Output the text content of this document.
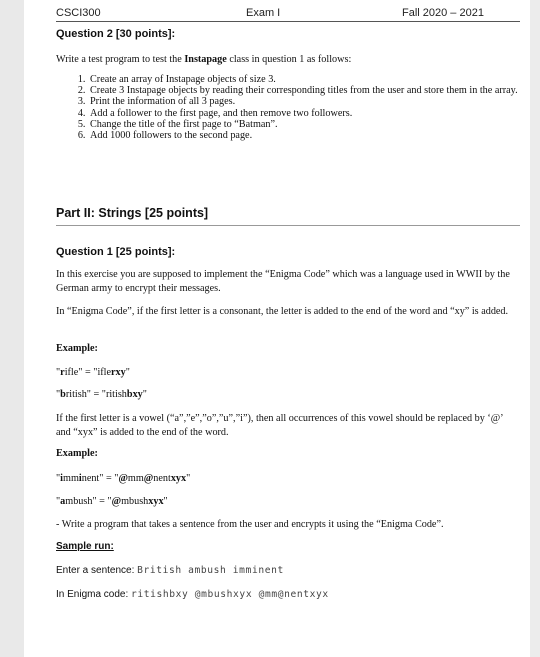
CSCI300	Exam I	Fall 2020 – 2021
Question 2 [30 points]:
Write a test program to test the Instapage class in question 1 as follows:
1. Create an array of Instapage objects of size 3.
2. Create 3 Instapage objects by reading their corresponding titles from the user and store them in the array.
3. Print the information of all 3 pages.
4. Add a follower to the first page, and then remove two followers.
5. Change the title of the first page to “Batman”.
6. Add 1000 followers to the second page.
Part II: Strings [25 points]
Question 1 [25 points]:
In this exercise you are supposed to implement the “Enigma Code” which was a language used in WWII by the German army to encrypt their messages.
In “Enigma Code”, if the first letter is a consonant, the letter is added to the end of the word and “xy” is added.
Example:
"rifle" = "iflerxy"
"british" = "ritishbxy"
If the first letter is a vowel (“a”,”e”,”o”,”u”,”i”), then all occurrences of this vowel should be replaced by ‘@’ and “xyx” is added to the end of the word.
Example:
"imminent" = "@mm@nentxyx"
"ambush" = "@mbushxyx"
- Write a program that takes a sentence from the user and encrypts it using the “Enigma Code”.
Sample run:
Enter a sentence: British ambush imminent
In Enigma code: ritishbxy @mbushxyx @mm@nentxyx
